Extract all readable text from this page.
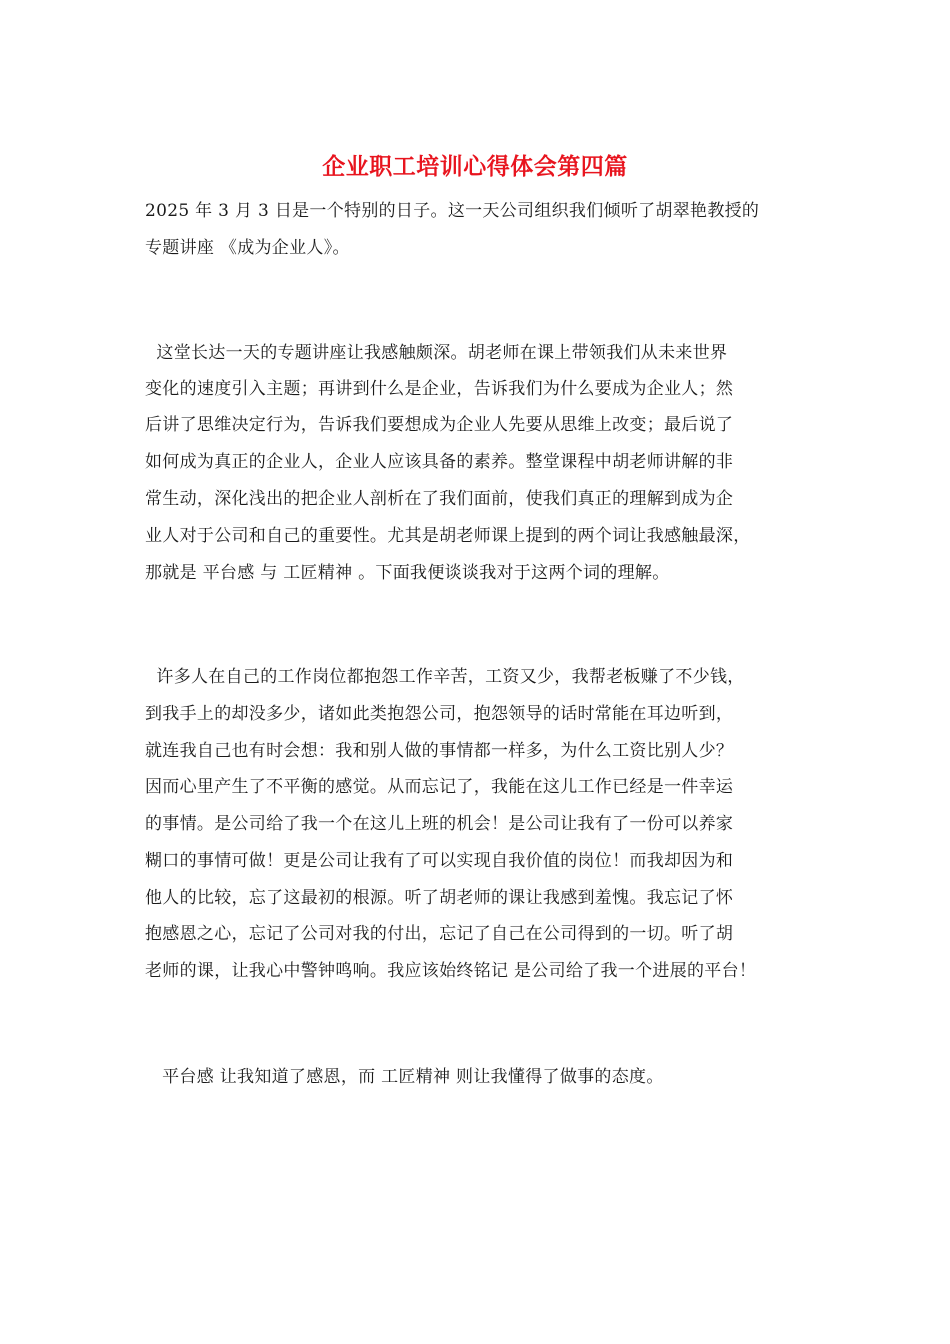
企业职工培训心得体会第四篇
2025 年 3 月 3 日是一个特别的日子。这一天公司组织我们倾听了胡翠艳教授的
专题讲座 《成为企业人》。
这堂长达一天的专题讲座让我感触颇深。胡老师在课上带领我们从未来世界
变化的速度引入主题；再讲到什么是企业，告诉我们为什么要成为企业人；然
后讲了思维决定行为，告诉我们要想成为企业人先要从思维上改变；最后说了
如何成为真正的企业人，企业人应该具备的素养。整堂课程中胡老师讲解的非
常生动，深化浅出的把企业人剖析在了我们面前，使我们真正的理解到成为企
业人对于公司和自己的重要性。尤其是胡老师课上提到的两个词让我感触最深，
那就是 平台感 与 工匠精神 。下面我便谈谈我对于这两个词的理解。
许多人在自己的工作岗位都抱怨工作辛苦，工资又少，我帮老板赚了不少钱，
到我手上的却没多少，诸如此类抱怨公司，抱怨领导的话时常能在耳边听到，
就连我自己也有时会想：我和别人做的事情都一样多，为什么工资比别人少？
因而心里产生了不平衡的感觉。从而忘记了，我能在这儿工作已经是一件幸运
的事情。是公司给了我一个在这儿上班的机会！是公司让我有了一份可以养家
糊口的事情可做！更是公司让我有了可以实现自我价值的岗位！而我却因为和
他人的比较，忘了这最初的根源。听了胡老师的课让我感到羞愧。我忘记了怀
抱感恩之心，忘记了公司对我的付出，忘记了自己在公司得到的一切。听了胡
老师的课，让我心中警钟鸣响。我应该始终铭记 是公司给了我一个进展的平台！
平台感 让我知道了感恩，而 工匠精神 则让我懂得了做事的态度。
